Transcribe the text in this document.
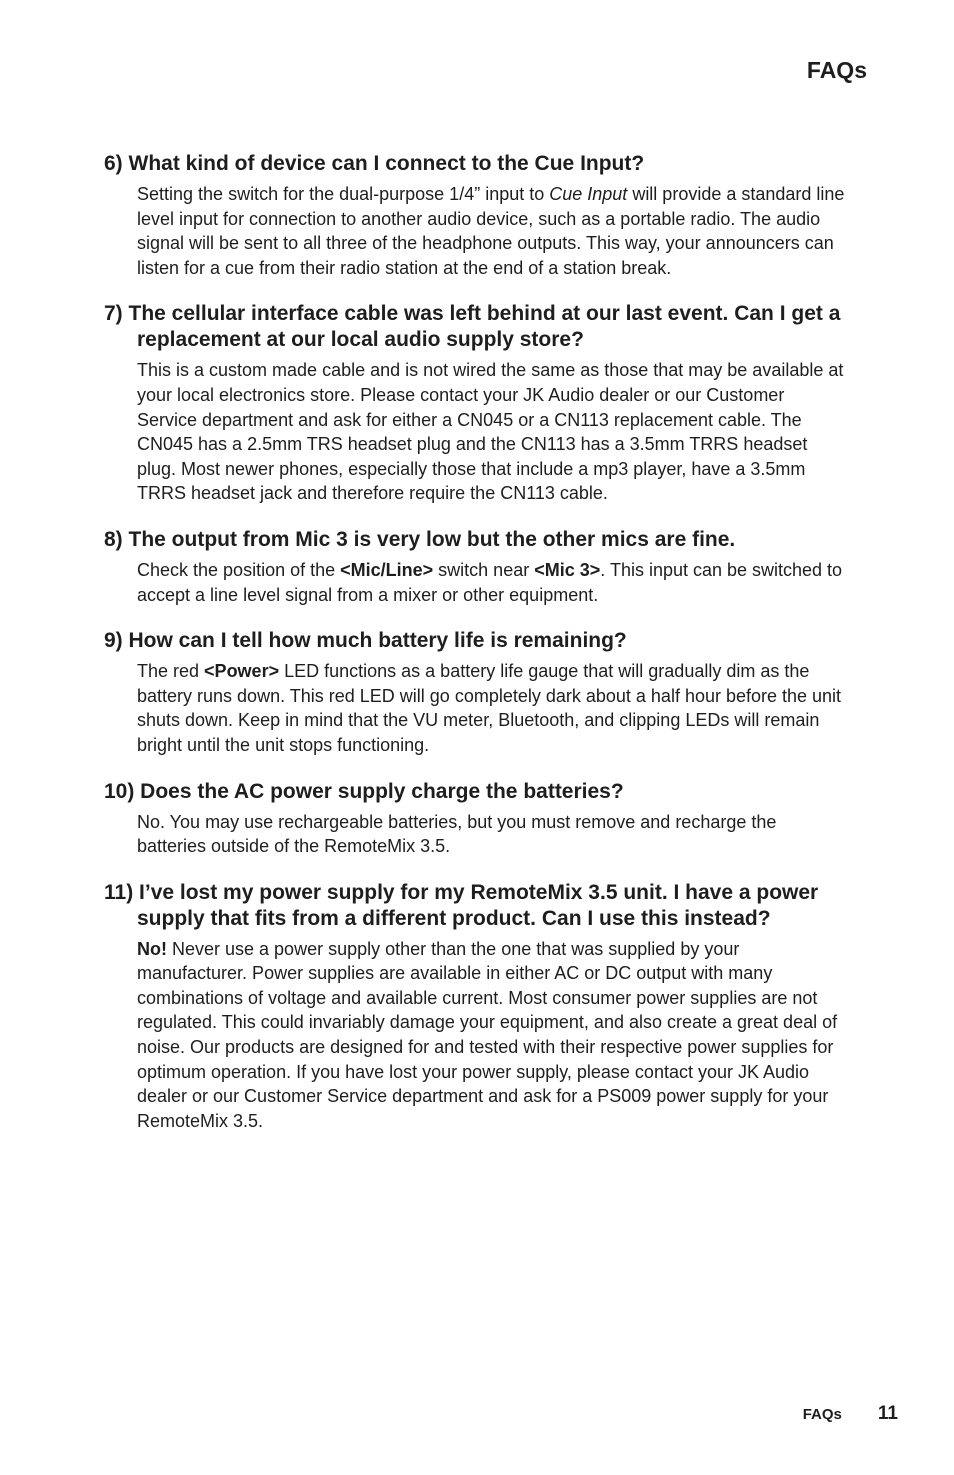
FAQs
6) What kind of device can I connect to the Cue Input?

Setting the switch for the dual-purpose 1/4” input to Cue Input will provide a standard line level input for connection to another audio device, such as a portable radio. The audio signal will be sent to all three of the headphone outputs. This way, your announcers can listen for a cue from their radio station at the end of a station break.

7) The cellular interface cable was left behind at our last event. Can I get a replacement at our local audio supply store?

This is a custom made cable and is not wired the same as those that may be available at your local electronics store. Please contact your JK Audio dealer or our Customer Service department and ask for either a CN045 or a CN113 replacement cable. The CN045 has a 2.5mm TRS headset plug and the CN113 has a 3.5mm TRRS headset plug. Most newer phones, especially those that include a mp3 player, have a 3.5mm TRRS headset jack and therefore require the CN113 cable.

8) The output from Mic 3 is very low but the other mics are fine.

Check the position of the <Mic/Line> switch near <Mic 3>. This input can be switched to accept a line level signal from a mixer or other equipment.

9) How can I tell how much battery life is remaining?

The red <Power> LED functions as a battery life gauge that will gradually dim as the battery runs down. This red LED will go completely dark about a half hour before the unit shuts down. Keep in mind that the VU meter, Bluetooth, and clipping LEDs will remain bright until the unit stops functioning.

10) Does the AC power supply charge the batteries?

No. You may use rechargeable batteries, but you must remove and recharge the batteries outside of the RemoteMix 3.5.

11) I’ve lost my power supply for my RemoteMix 3.5 unit. I have a power supply that fits from a different product. Can I use this instead?

No! Never use a power supply other than the one that was supplied by your manufacturer. Power supplies are available in either AC or DC output with many combinations of voltage and available current. Most consumer power supplies are not regulated. This could invariably damage your equipment, and also create a great deal of noise. Our products are designed for and tested with their respective power supplies for optimum operation. If you have lost your power supply, please contact your JK Audio dealer or our Customer Service department and ask for a PS009 power supply for your RemoteMix 3.5.

FAQs 11
